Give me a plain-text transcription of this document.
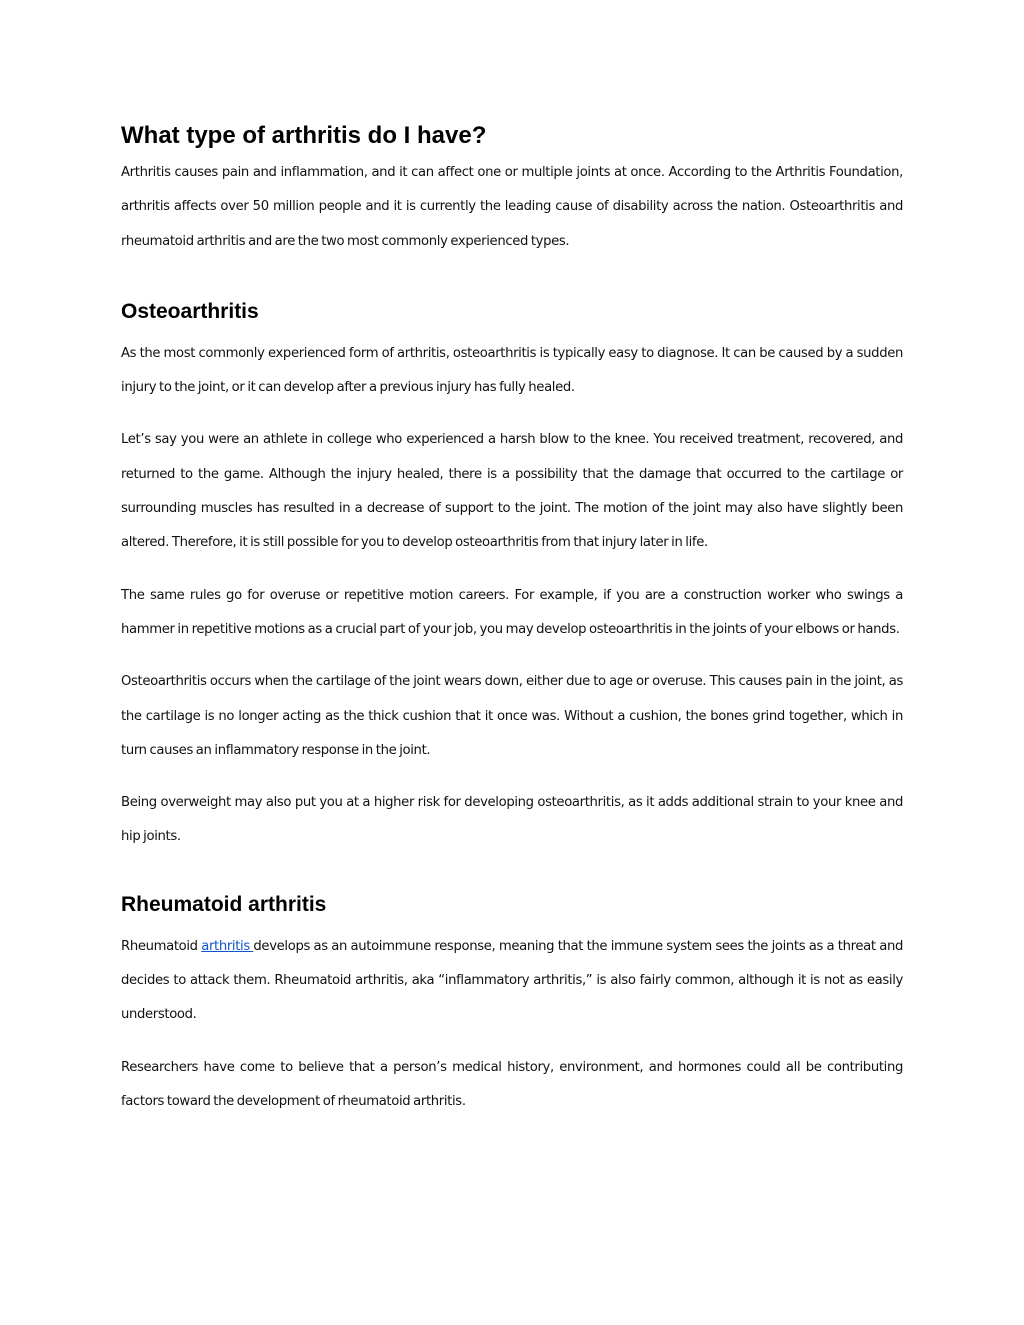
What type of arthritis do I have?

Arthritis causes pain and inflammation, and it can affect one or multiple joints at once. According to the Arthritis Foundation, arthritis affects over 50 million people and it is currently the leading cause of disability across the nation. Osteoarthritis and rheumatoid arthritis and are the two most commonly experienced types.

Osteoarthritis

As the most commonly experienced form of arthritis, osteoarthritis is typically easy to diagnose. It can be caused by a sudden injury to the joint, or it can develop after a previous injury has fully healed.

Let’s say you were an athlete in college who experienced a harsh blow to the knee. You received treatment, recovered, and returned to the game. Although the injury healed, there is a possibility that the damage that occurred to the cartilage or surrounding muscles has resulted in a decrease of support to the joint. The motion of the joint may also have slightly been altered. Therefore, it is still possible for you to develop osteoarthritis from that injury later in life.

The same rules go for overuse or repetitive motion careers. For example, if you are a construction worker who swings a hammer in repetitive motions as a crucial part of your job, you may develop osteoarthritis in the joints of your elbows or hands.

Osteoarthritis occurs when the cartilage of the joint wears down, either due to age or overuse. This causes pain in the joint, as the cartilage is no longer acting as the thick cushion that it once was. Without a cushion, the bones grind together, which in turn causes an inflammatory response in the joint.

Being overweight may also put you at a higher risk for developing osteoarthritis, as it adds additional strain to your knee and hip joints.

Rheumatoid arthritis

Rheumatoid arthritis develops as an autoimmune response, meaning that the immune system sees the joints as a threat and decides to attack them. Rheumatoid arthritis, aka “inflammatory arthritis,” is also fairly common, although it is not as easily understood.

Researchers have come to believe that a person’s medical history, environment, and hormones could all be contributing factors toward the development of rheumatoid arthritis.
